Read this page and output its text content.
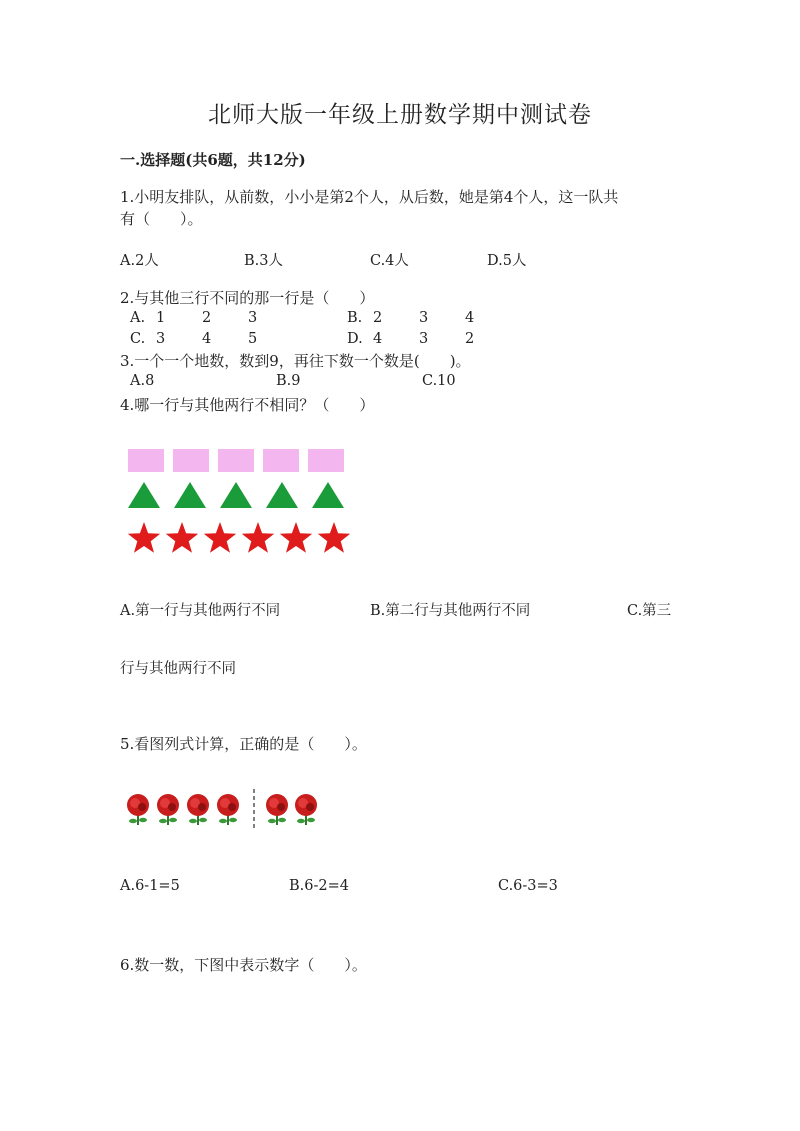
北师大版一年级上册数学期中测试卷
一.选择题(共6题，共12分)
1.小明友排队，从前数，小小是第2个人，从后数，她是第4个人，这一队共
有（　　）。
A.2人	B.3人	C.4人	D.5人
2.与其他三行不同的那一行是（　　）
A. 1	2	3	B. 2	3	4
C. 3	4	5	D. 4	3	2
3.一个一个地数，数到9，再往下数一个数是(　　)。
A.8	B.9	C.10
4.哪一行与其他两行不相同？（　　）
A.第一行与其他两行不同	B.第二行与其他两行不同	C.第三
行与其他两行不同
5.看图列式计算，正确的是（　　）。
A.6-1=5	B.6-2=4	C.6-3=3
6.数一数，下图中表示数字（　　）。
